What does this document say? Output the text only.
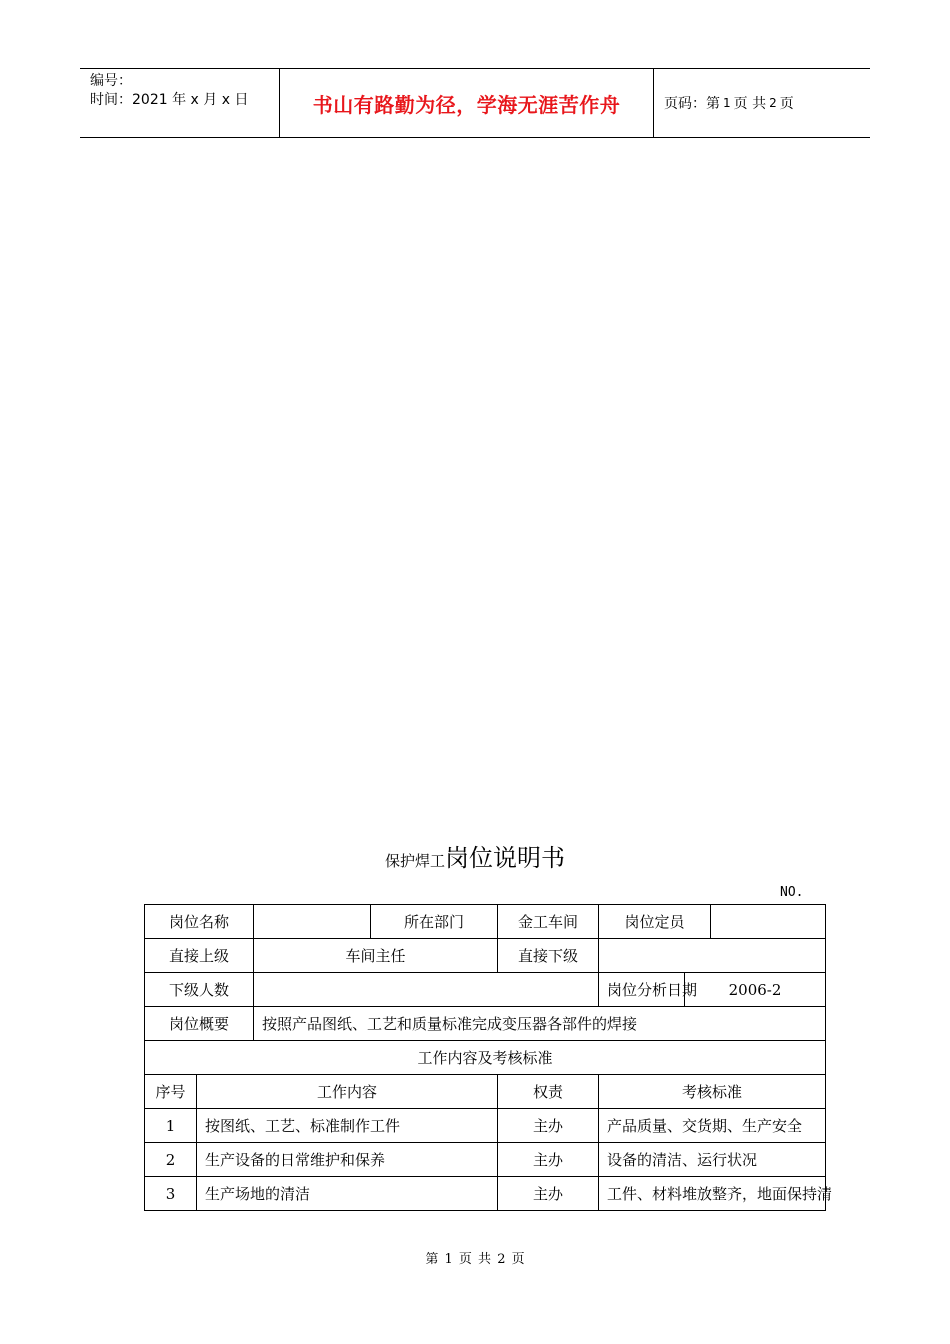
编号：
时间：2021 年 x 月 x 日	书山有路勤为径，学海无涯苦作舟	页码：第 1 页 共 2 页
保护焊工岗位说明书
NO.
岗位名称			所在部门	金工车间	岗位定员		
直接上级		车间主任		直接下级			
下级人数					岗位分析日期	2006-2	
岗位概要		按照产品图纸、工艺和质量标准完成变压器各部件的焊接					
工作内容及考核标准							
序号	工作内容			权责	考核标准		
1	按图纸、工艺、标准制作工件			主办	产品质量、交货期、生产安全		
2	生产设备的日常维护和保养			主办	设备的清洁、运行状况		
3	生产场地的清洁			主办	工件、材料堆放整齐，地面保持清		
第 1 页 共 2 页
